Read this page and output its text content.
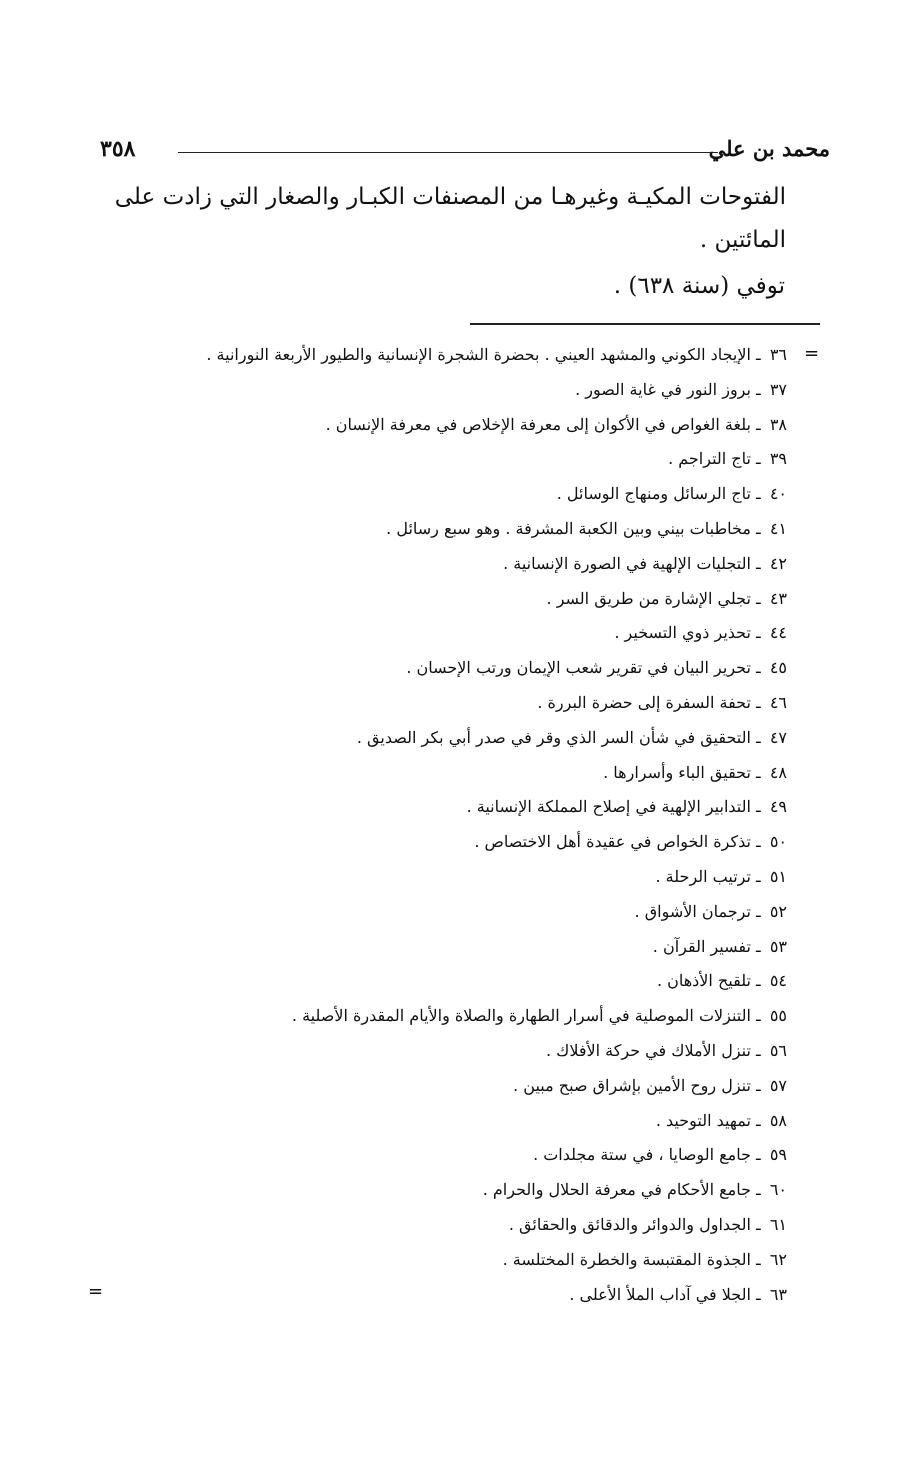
محمد بن علي
٣٥٨
الفتوحات المكيـة وغيرهـا من المصنفات الكبـار والصغار التي زادت على
المائتين .
توفي (سنة ٦٣٨) .
=
٣٦ ـ الإيجاد الكوني والمشهد العيني . بحضرة الشجرة الإنسانية والطيور الأربعة النورانية .
٣٧ ـ بروز النور في غاية الصور .
٣٨ ـ بلغة الغواص في الأكوان إلى معرفة الإخلاص في معرفة الإنسان .
٣٩ ـ تاج التراجم .
٤٠ ـ تاج الرسائل ومنهاج الوسائل .
٤١ ـ مخاطبات بيني وبين الكعبة المشرفة . وهو سبع رسائل .
٤٢ ـ التجليات الإلهية في الصورة الإنسانية .
٤٣ ـ تجلي الإشارة من طريق السر .
٤٤ ـ تحذير ذوي التسخير .
٤٥ ـ تحرير البيان في تقرير شعب الإيمان ورتب الإحسان .
٤٦ ـ تحفة السفرة إلى حضرة البررة .
٤٧ ـ التحقيق في شأن السر الذي وقر في صدر أبي بكر الصديق .
٤٨ ـ تحقيق الباء وأسرارها .
٤٩ ـ التدابير الإلهية في إصلاح المملكة الإنسانية .
٥٠ ـ تذكرة الخواص في عقيدة أهل الاختصاص .
٥١ ـ ترتيب الرحلة .
٥٢ ـ ترجمان الأشواق .
٥٣ ـ تفسير القرآن .
٥٤ ـ تلقيح الأذهان .
٥٥ ـ التنزلات الموصلية في أسرار الطهارة والصلاة والأيام المقدرة الأصلية .
٥٦ ـ تنزل الأملاك في حركة الأفلاك .
٥٧ ـ تنزل روح الأمين بإشراق صبح مبين .
٥٨ ـ تمهيد التوحيد .
٥٩ ـ جامع الوصايا ، في ستة مجلدات .
٦٠ ـ جامع الأحكام في معرفة الحلال والحرام .
٦١ ـ الجداول والدوائر والدقائق والحقائق .
٦٢ ـ الجذوة المقتبسة والخطرة المختلسة .
٦٣ ـ الجلا في آداب الملأ الأعلى .
=
